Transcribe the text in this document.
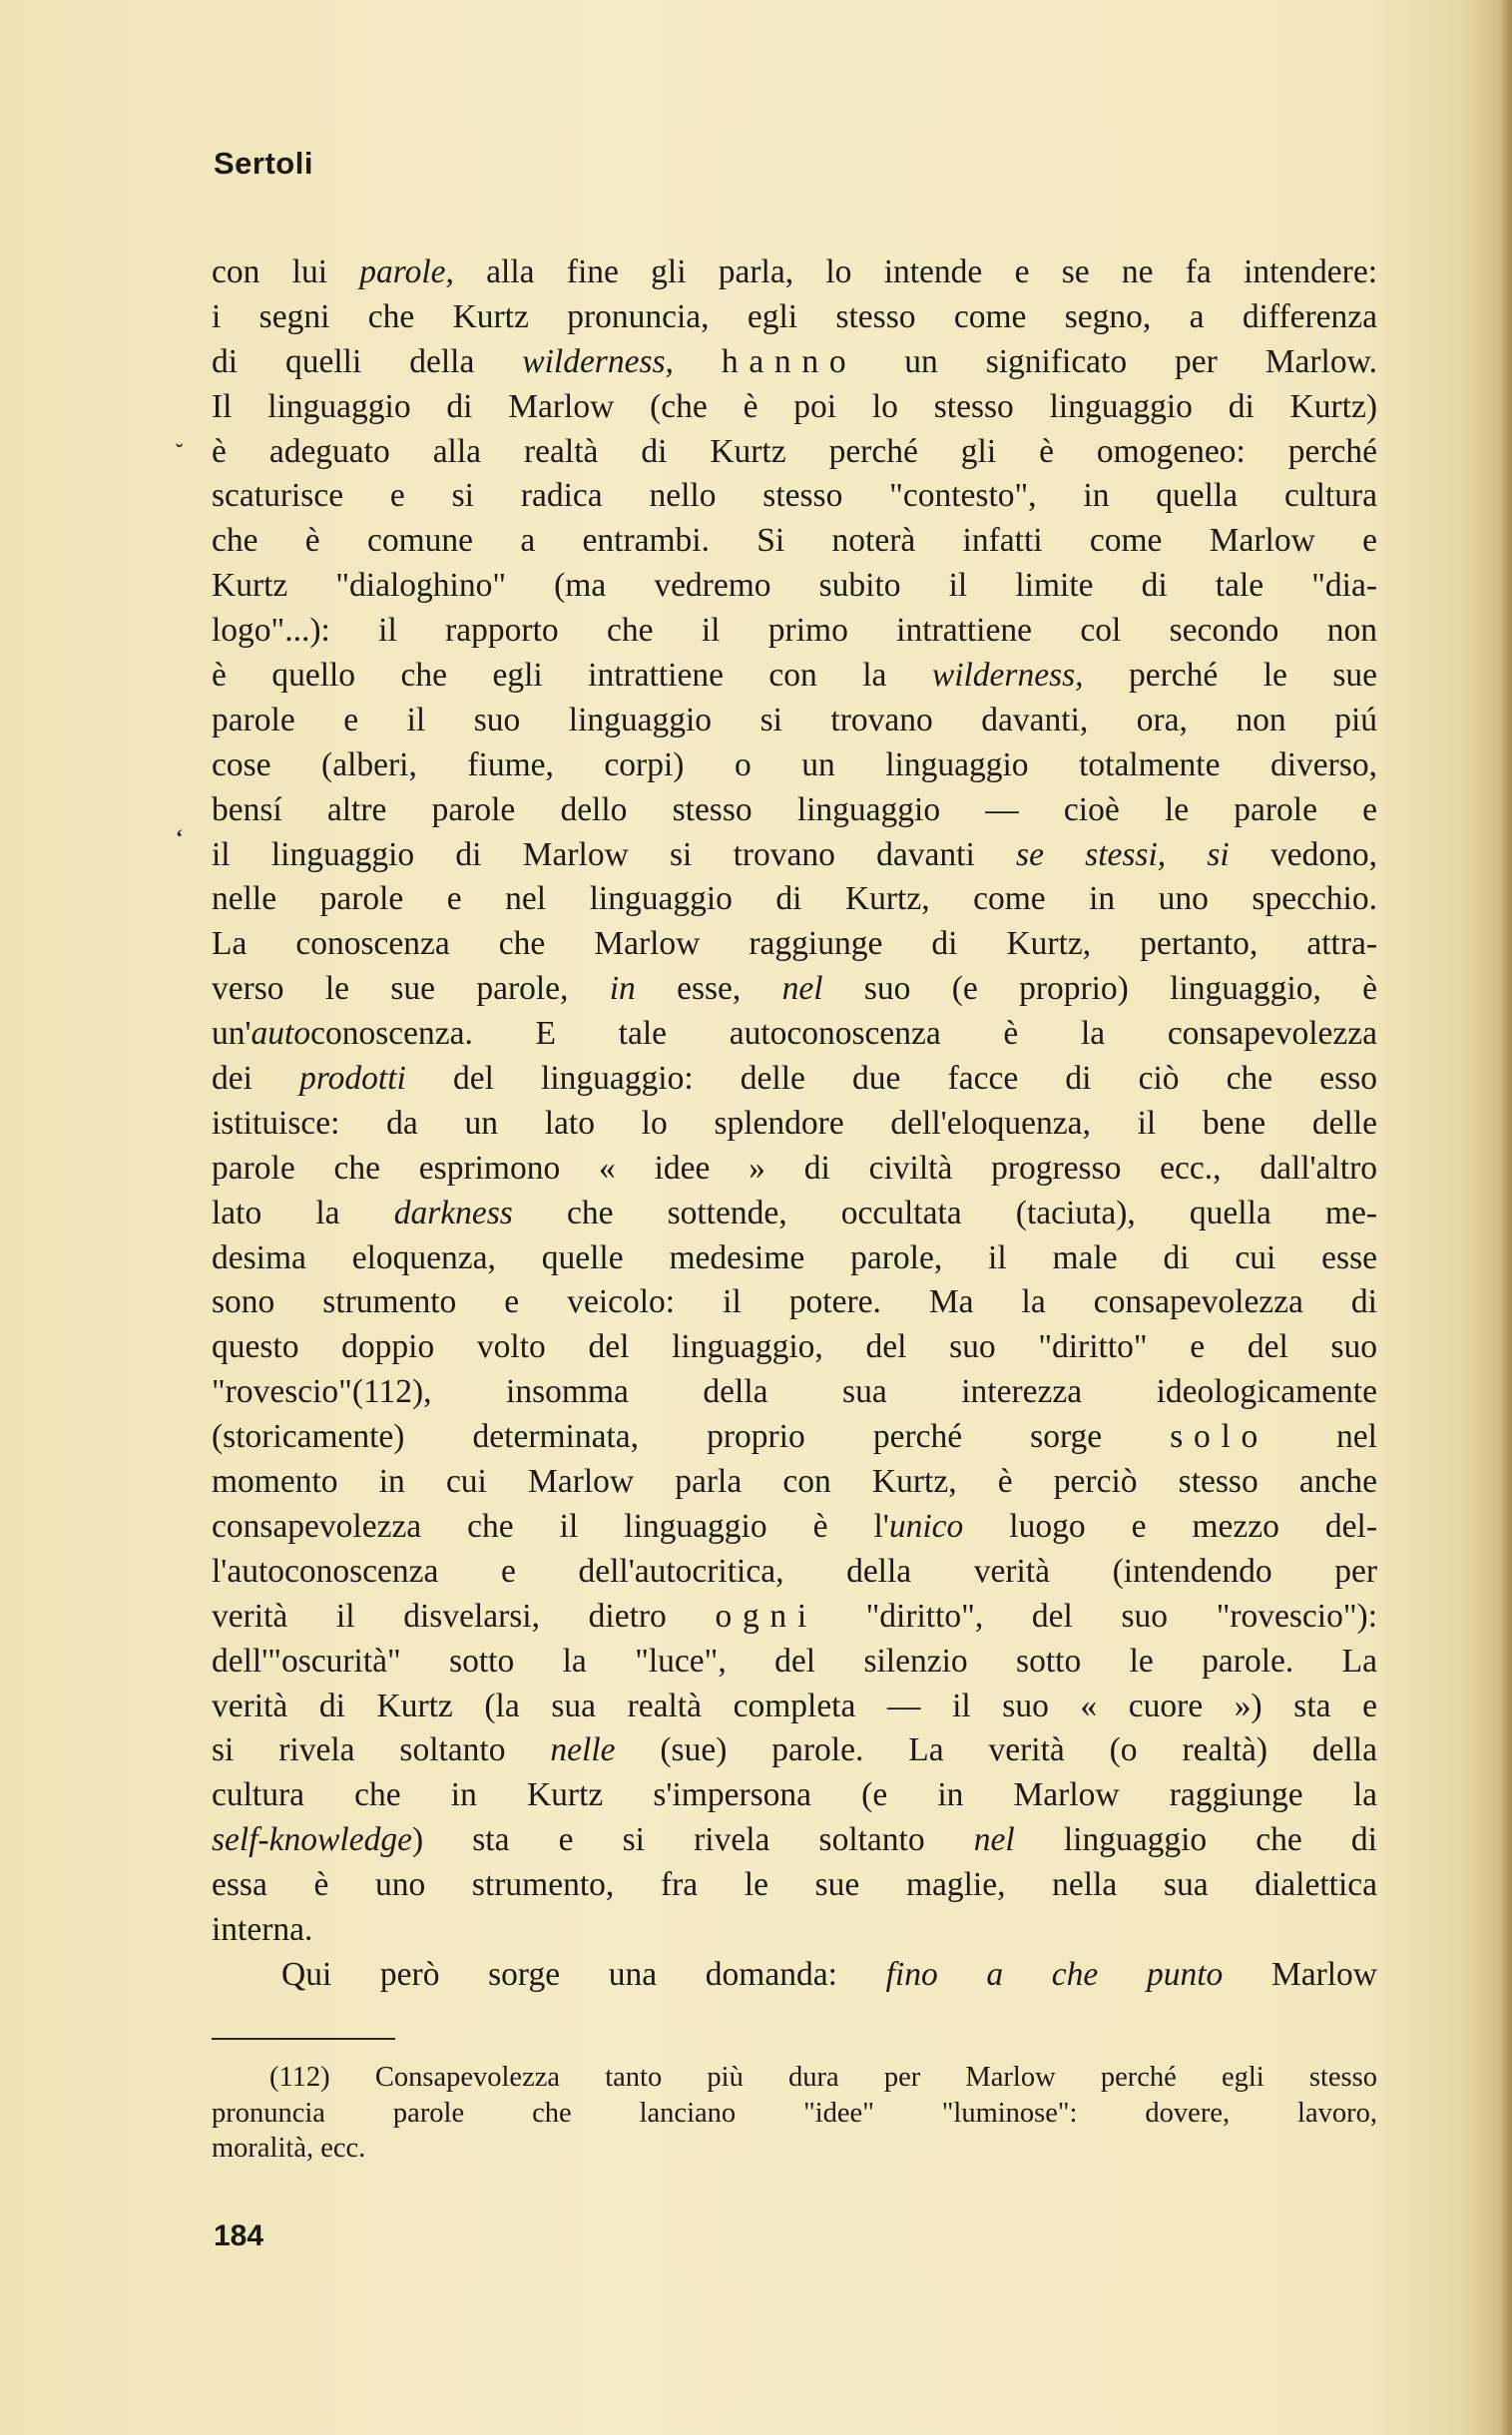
Sertoli
˘
ʻ
con lui parole, alla fine gli parla, lo intende e se ne fa intendere:
i segni che Kurtz pronuncia, egli stesso come segno, a differenza
di quelli della wilderness, hanno un significato per Marlow.
Il linguaggio di Marlow (che è poi lo stesso linguaggio di Kurtz)
è adeguato alla realtà di Kurtz perché gli è omogeneo: perché
scaturisce e si radica nello stesso "contesto", in quella cultura
che è comune a entrambi. Si noterà infatti come Marlow e
Kurtz "dialoghino" (ma vedremo subito il limite di tale "dia-
logo"...): il rapporto che il primo intrattiene col secondo non
è quello che egli intrattiene con la wilderness, perché le sue
parole e il suo linguaggio si trovano davanti, ora, non piú
cose (alberi, fiume, corpi) o un linguaggio totalmente diverso,
bensí altre parole dello stesso linguaggio — cioè le parole e
il linguaggio di Marlow si trovano davanti se stessi, si vedono,
nelle parole e nel linguaggio di Kurtz, come in uno specchio.
La conoscenza che Marlow raggiunge di Kurtz, pertanto, attra-
verso le sue parole, in esse, nel suo (e proprio) linguaggio, è
un'autoconoscenza. E tale autoconoscenza è la consapevolezza
dei prodotti del linguaggio: delle due facce di ciò che esso
istituisce: da un lato lo splendore dell'eloquenza, il bene delle
parole che esprimono « idee » di civiltà progresso ecc., dall'altro
lato la darkness che sottende, occultata (taciuta), quella me-
desima eloquenza, quelle medesime parole, il male di cui esse
sono strumento e veicolo: il potere. Ma la consapevolezza di
questo doppio volto del linguaggio, del suo "diritto" e del suo
"rovescio"(112), insomma della sua interezza ideologicamente
(storicamente) determinata, proprio perché sorge solo nel
momento in cui Marlow parla con Kurtz, è perciò stesso anche
consapevolezza che il linguaggio è l'unico luogo e mezzo del-
l'autoconoscenza e dell'autocritica, della verità (intendendo per
verità il disvelarsi, dietro ogni "diritto", del suo "rovescio"):
dell'"oscurità" sotto la "luce", del silenzio sotto le parole. La
verità di Kurtz (la sua realtà completa — il suo « cuore ») sta e
si rivela soltanto nelle (sue) parole. La verità (o realtà) della
cultura che in Kurtz s'impersona (e in Marlow raggiunge la
self-knowledge) sta e si rivela soltanto nel linguaggio che di
essa è uno strumento, fra le sue maglie, nella sua dialettica
interna.
Qui però sorge una domanda: fino a che punto Marlow
(112) Consapevolezza tanto più dura per Marlow perché egli stesso
pronuncia parole che lanciano "idee" "luminose": dovere, lavoro,
moralità, ecc.
184
